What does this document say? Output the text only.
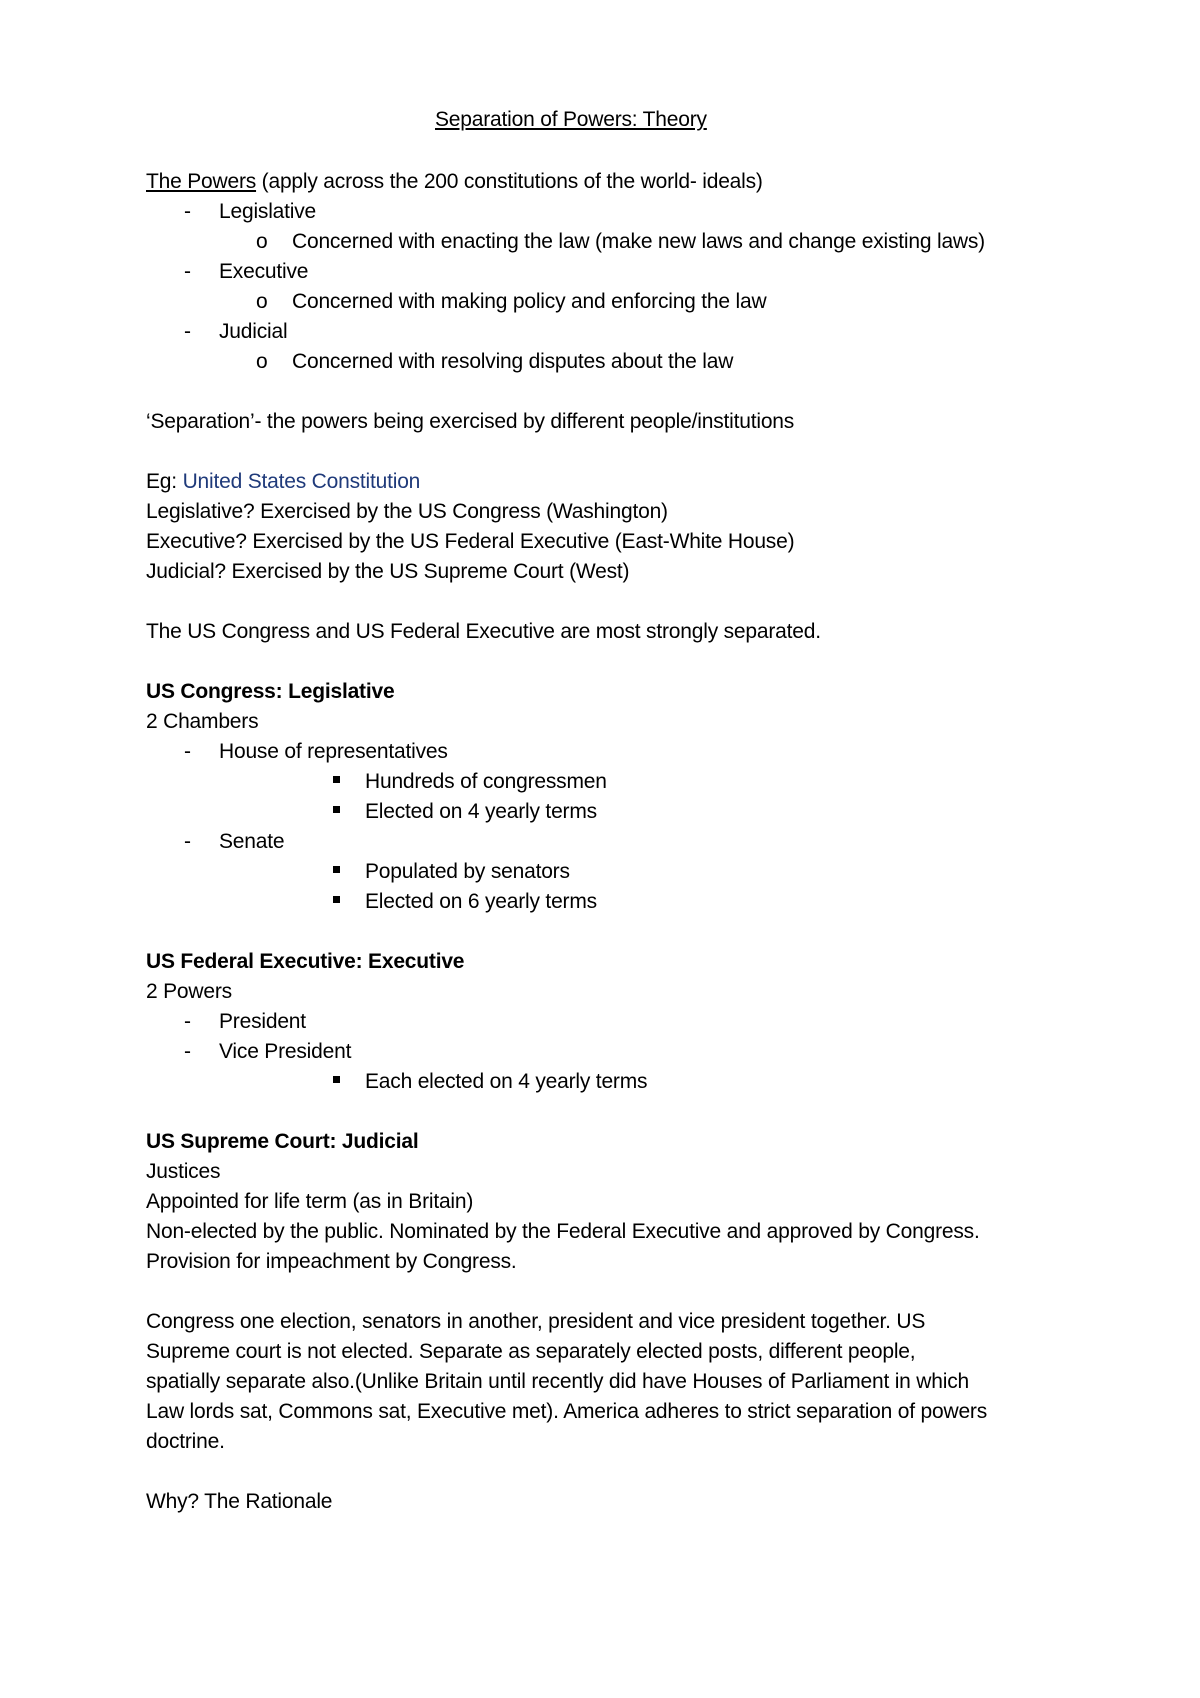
Separation of Powers: Theory
The Powers (apply across the 200 constitutions of the world- ideals)
- Legislative
o Concerned with enacting the law (make new laws and change existing laws)
- Executive
o Concerned with making policy and enforcing the law
- Judicial
o Concerned with resolving disputes about the law
‘Separation’- the powers being exercised by different people/institutions
Eg: United States Constitution
Legislative? Exercised by the US Congress (Washington)
Executive? Exercised by the US Federal Executive (East-White House)
Judicial? Exercised by the US Supreme Court (West)
The US Congress and US Federal Executive are most strongly separated.
US Congress: Legislative
2 Chambers
- House of representatives
Hundreds of congressmen
Elected on 4 yearly terms
- Senate
Populated by senators
Elected on 6 yearly terms
US Federal Executive: Executive
2 Powers
- President
- Vice President
Each elected on 4 yearly terms
US Supreme Court: Judicial
Justices
Appointed for life term (as in Britain)
Non-elected by the public. Nominated by the Federal Executive and approved by Congress.
Provision for impeachment by Congress.
Congress one election, senators in another, president and vice president together. US
Supreme court is not elected. Separate as separately elected posts, different people,
spatially separate also.(Unlike Britain until recently did have Houses of Parliament in which
Law lords sat, Commons sat, Executive met). America adheres to strict separation of powers
doctrine.
Why? The Rationale
